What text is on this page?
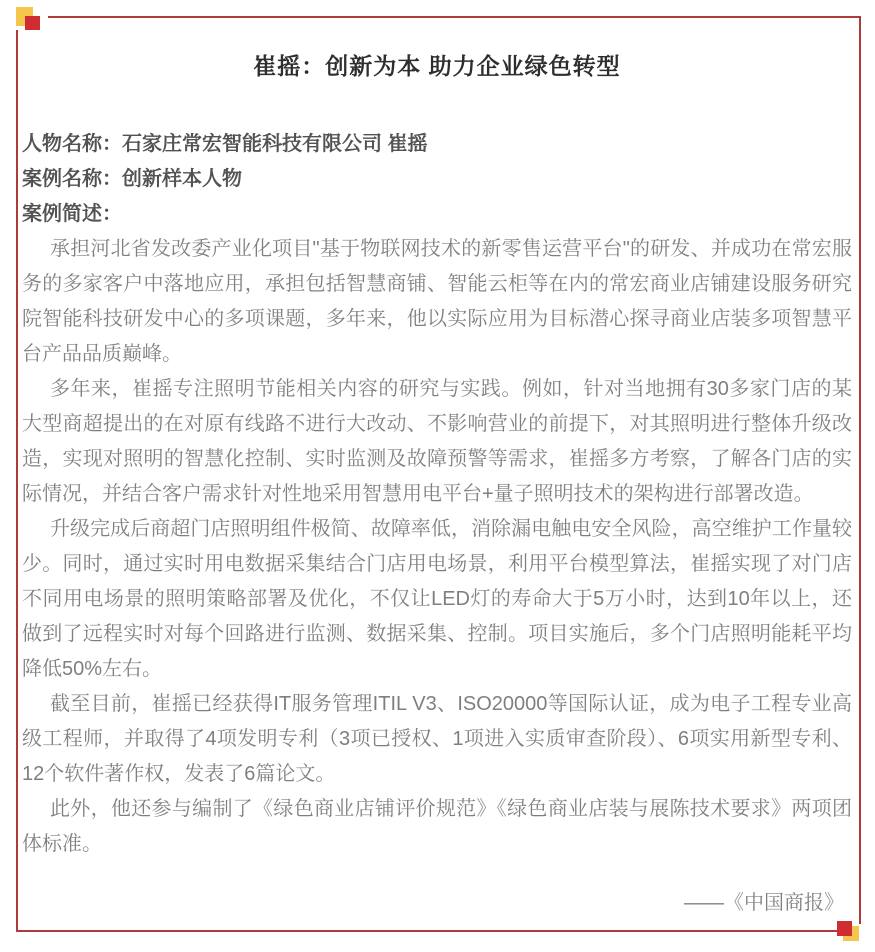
崔摇：创新为本 助力企业绿色转型
人物名称：石家庄常宏智能科技有限公司 崔摇
案例名称：创新样本人物
案例简述：

承担河北省发改委产业化项目"基于物联网技术的新零售运营平台"的研发、并成功在常宏服务的多家客户中落地应用，承担包括智慧商铺、智能云柜等在内的常宏商业店铺建设服务研究院智能科技研发中心的多项课题，多年来，他以实际应用为目标潜心探寻商业店装多项智慧平台产品品质巅峰。

多年来，崔摇专注照明节能相关内容的研究与实践。例如，针对当地拥有30多家门店的某大型商超提出的在对原有线路不进行大改动、不影响营业的前提下，对其照明进行整体升级改造，实现对照明的智慧化控制、实时监测及故障预警等需求，崔摇多方考察，了解各门店的实际情况，并结合客户需求针对性地采用智慧用电平台+量子照明技术的架构进行部署改造。

升级完成后商超门店照明组件极简、故障率低，消除漏电触电安全风险，高空维护工作量较少。同时，通过实时用电数据采集结合门店用电场景，利用平台模型算法，崔摇实现了对门店不同用电场景的照明策略部署及优化，不仅让LED灯的寿命大于5万小时，达到10年以上，还做到了远程实时对每个回路进行监测、数据采集、控制。项目实施后，多个门店照明能耗平均降低50%左右。

截至目前，崔摇已经获得IT服务管理ITIL V3、ISO20000等国际认证，成为电子工程专业高级工程师，并取得了4项发明专利（3项已授权、1项进入实质审查阶段）、6项实用新型专利、12个软件著作权，发表了6篇论文。

此外，他还参与编制了《绿色商业店铺评价规范》《绿色商业店装与展陈技术要求》两项团体标准。

——《中国商报》
